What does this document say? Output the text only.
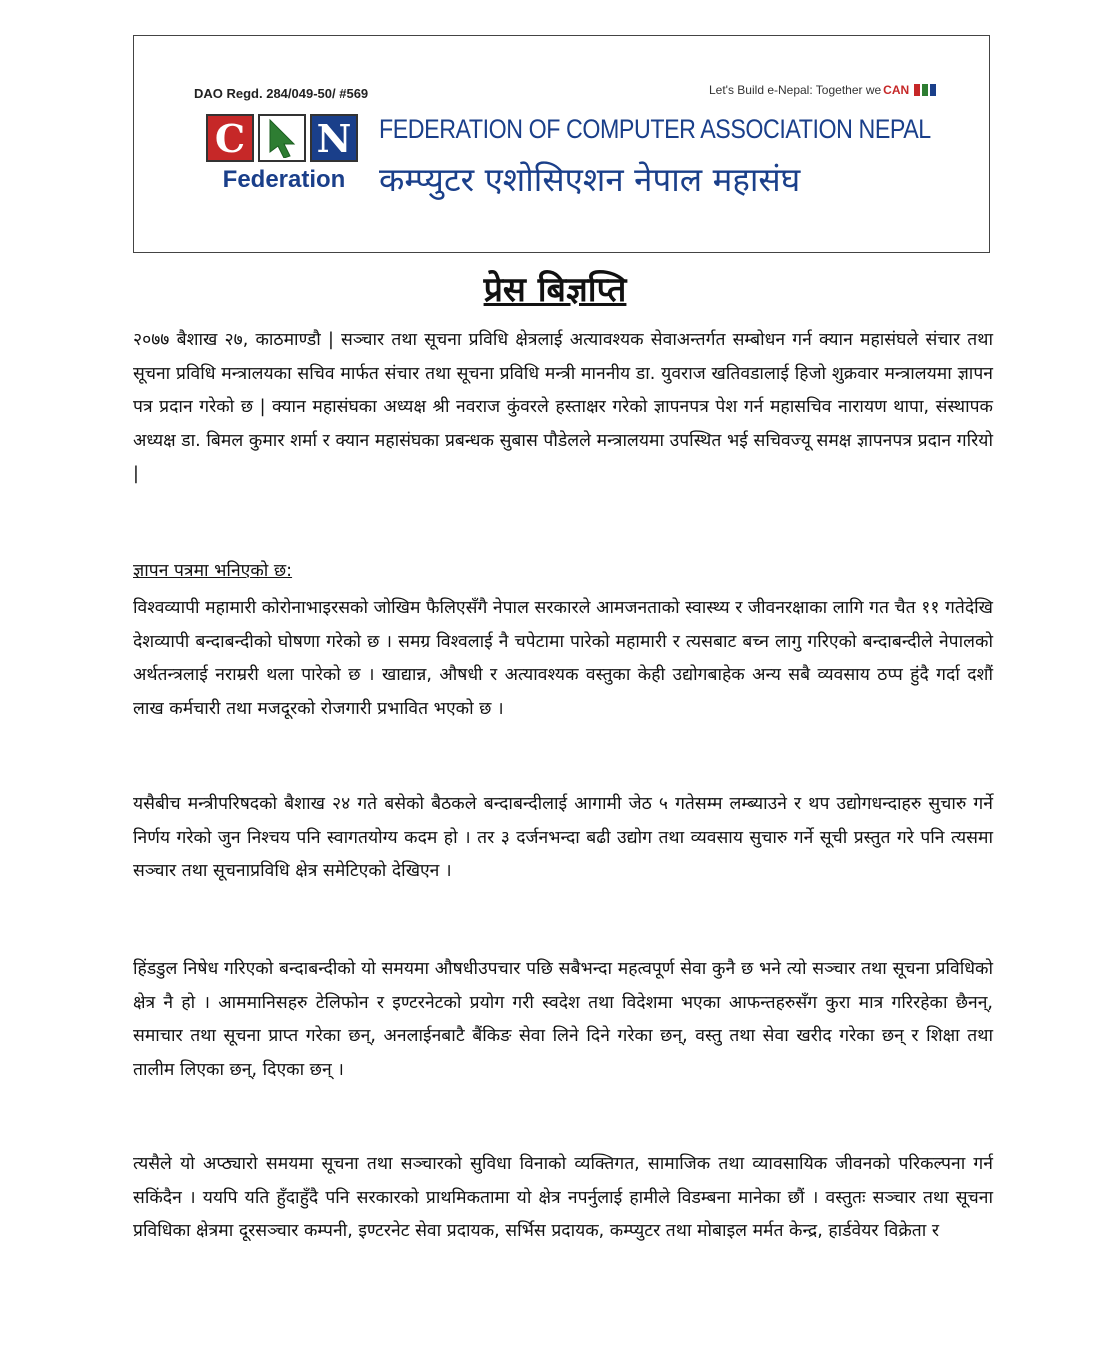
DAO Regd. 284/049-50/ #569	Let's Build e-Nepal: Together we CAN
C N
Federation
FEDERATION OF COMPUTER ASSOCIATION NEPAL
कम्प्युटर एशोसिएशन नेपाल महासंघ
प्रेस बिज्ञप्ति
२०७७ बैशाख २७, काठमाण्डौ | सञ्चार तथा सूचना प्रविधि क्षेत्रलाई अत्यावश्यक सेवाअन्तर्गत सम्बोधन गर्न क्यान महासंघले संचार तथा सूचना प्रविधि मन्त्रालयका सचिव मार्फत संचार तथा सूचना प्रविधि मन्त्री माननीय डा. युवराज खतिवडालाई हिजो शुक्रवार मन्त्रालयमा ज्ञापन पत्र प्रदान गरेको छ | क्यान महासंघका अध्यक्ष श्री नवराज कुंवरले हस्ताक्षर गरेको ज्ञापनपत्र पेश गर्न महासचिव नारायण थापा, संस्थापक अध्यक्ष डा. बिमल कुमार शर्मा र क्यान महासंघका प्रबन्धक सुबास पौडेलले मन्त्रालयमा उपस्थित भई सचिवज्यू समक्ष ज्ञापनपत्र प्रदान गरियो |
ज्ञापन पत्रमा भनिएको छ:
विश्वव्यापी महामारी कोरोनाभाइरसको जोखिम फैलिएसँगै नेपाल सरकारले आमजनताको स्वास्थ्य र जीवनरक्षाका लागि गत चैत ११ गतेदेखि देशव्यापी बन्दाबन्दीको घोषणा गरेको छ । समग्र विश्वलाई नै चपेटामा पारेको महामारी र त्यसबाट बच्न लागु गरिएको बन्दाबन्दीले नेपालको अर्थतन्त्रलाई नराम्ररी थला पारेको छ । खाद्यान्न, औषधी र अत्यावश्यक वस्तुका केही उद्योगबाहेक अन्य सबै व्यवसाय ठप्प हुंदै गर्दा दशौं लाख कर्मचारी तथा मजदूरको रोजगारी प्रभावित भएको छ ।
यसैबीच मन्त्रीपरिषदको बैशाख २४ गते बसेको बैठकले बन्दाबन्दीलाई आगामी जेठ ५ गतेसम्म लम्ब्याउने र थप उद्योगधन्दाहरु सुचारु गर्ने निर्णय गरेको जुन निश्चय पनि स्वागतयोग्य कदम हो । तर ३ दर्जनभन्दा बढी उद्योग तथा व्यवसाय सुचारु गर्ने सूची प्रस्तुत गरे पनि त्यसमा सञ्चार तथा सूचनाप्रविधि क्षेत्र समेटिएको देखिएन ।
हिंडडुल निषेध गरिएको बन्दाबन्दीको यो समयमा औषधीउपचार पछि सबैभन्दा महत्वपूर्ण सेवा कुनै छ भने त्यो सञ्चार तथा सूचना प्रविधिको क्षेत्र नै हो । आममानिसहरु टेलिफोन र इण्टरनेटको प्रयोग गरी स्वदेश तथा विदेशमा भएका आफन्तहरुसँग कुरा मात्र गरिरहेका छैनन्, समाचार तथा सूचना प्राप्त गरेका छन्, अनलाईनबाटै बैंकिङ सेवा लिने दिने गरेका छन्, वस्तु तथा सेवा खरीद गरेका छन् र शिक्षा तथा तालीम लिएका छन्, दिएका छन् ।
त्यसैले यो अप्ठ्यारो समयमा सूचना तथा सञ्चारको सुविधा विनाको व्यक्तिगत, सामाजिक तथा व्यावसायिक जीवनको परिकल्पना गर्न सकिंदैन । ययपि यति हुँदाहुँदै पनि सरकारको प्राथमिकतामा यो क्षेत्र नपर्नुलाई हामीले विडम्बना मानेका छौं । वस्तुतः सञ्चार तथा सूचना प्रविधिका क्षेत्रमा दूरसञ्चार कम्पनी, इण्टरनेट सेवा प्रदायक, सर्भिस प्रदायक, कम्प्युटर तथा मोबाइल मर्मत केन्द्र, हार्डवेयर विक्रेता र
